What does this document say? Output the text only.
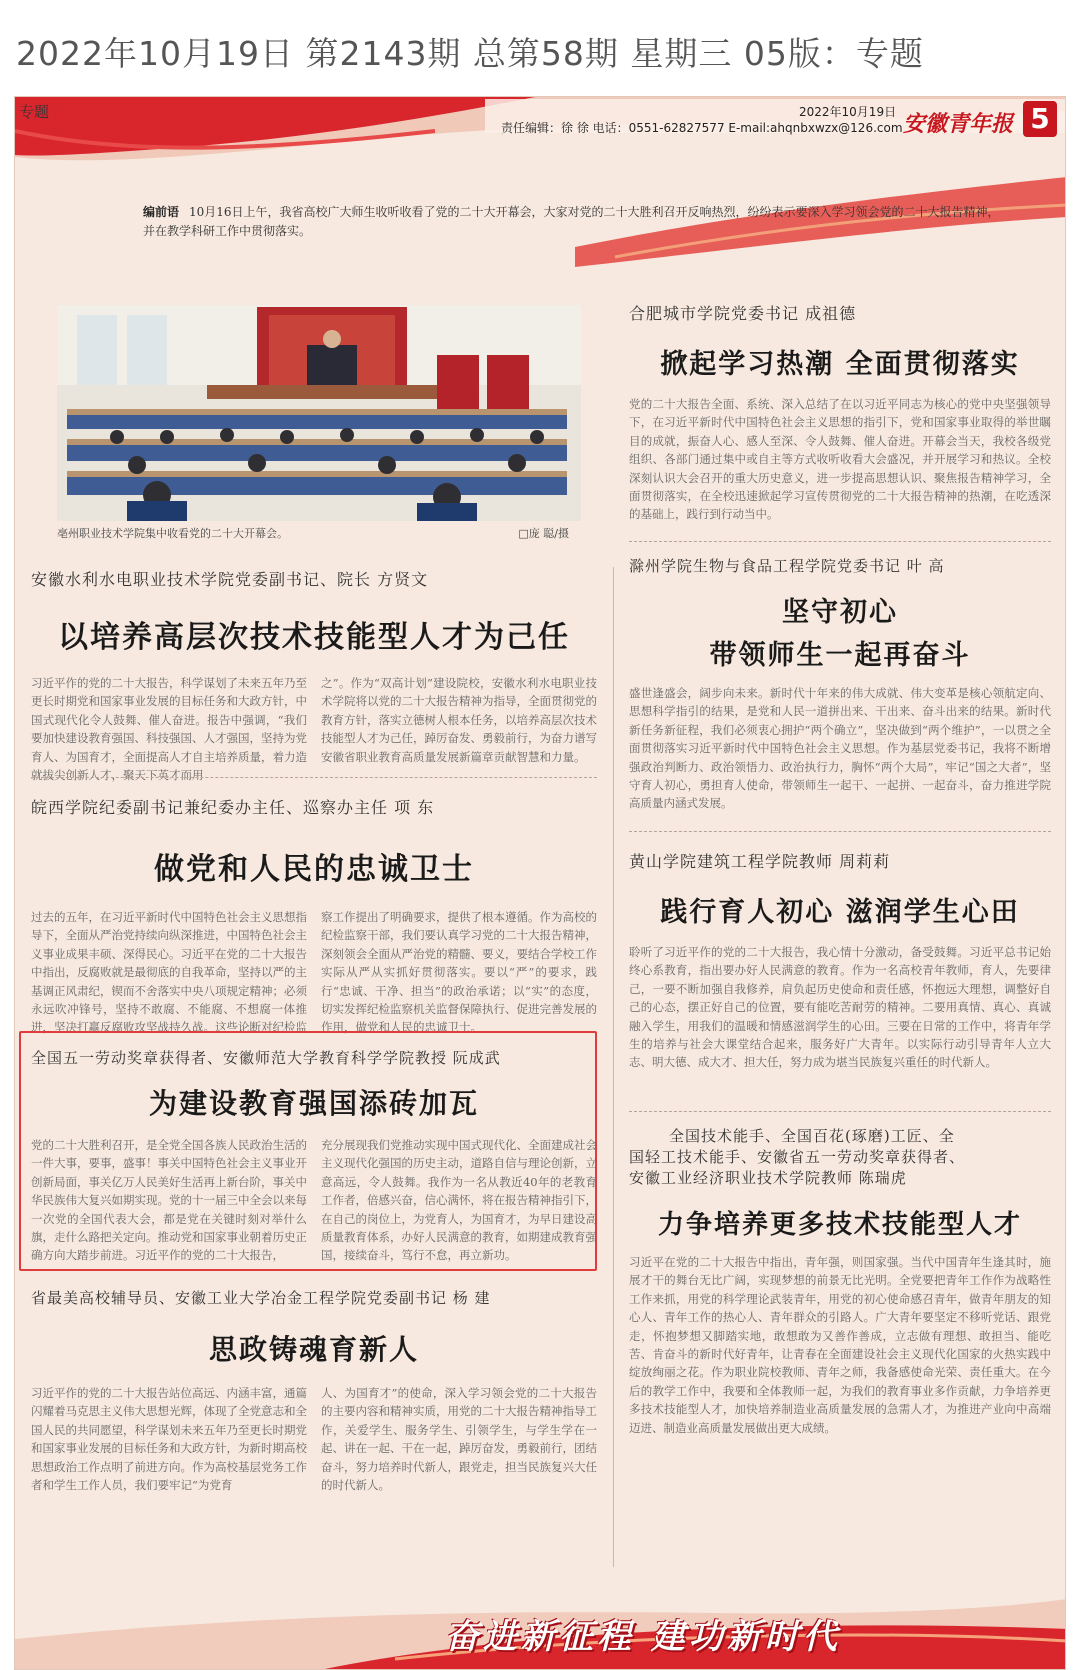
2022年10月19日 第2143期 总第58期 星期三 05版：专题
专题	2022年10月19日
责任编辑：徐 徐 电话：0551-62827577 E-mail:ahqnbxwzx@126.com 安徽青年报 5
编前语 10月16日上午，我省高校广大师生收听收看了党的二十大开幕会，大家对党的二十大胜利召开反响热烈，纷纷表示要深入学习领会党的二十大报告精神，并在教学科研工作中贯彻落实。
亳州职业技术学院集中收看党的二十大开幕会。	□庞 聪/摄
安徽水利水电职业技术学院党委副书记、院长 方贤文
以培养高层次技术技能型人才为己任
习近平作的党的二十大报告，科学谋划了未来五年乃至更长时期党和国家事业发展的目标任务和大政方针，中国式现代化令人鼓舞、催人奋进。报告中强调，“我们要加快建设教育强国、科技强国、人才强国，坚持为党育人、为国育才，全面提高人才自主培养质量，着力造就拔尖创新人才，聚天下英才而用
之”。作为“双高计划”建设院校，安徽水利水电职业技术学院将以党的二十大报告精神为指导，全面贯彻党的教育方针，落实立德树人根本任务，以培养高层次技术技能型人才为己任，踔厉奋发、勇毅前行，为奋力谱写安徽省职业教育高质量发展新篇章贡献智慧和力量。
皖西学院纪委副书记兼纪委办主任、巡察办主任 项 东
做党和人民的忠诚卫士
过去的五年，在习近平新时代中国特色社会主义思想指导下，全面从严治党持续向纵深推进，中国特色社会主义事业成果丰硕、深得民心。习近平在党的二十大报告中指出，反腐败就是最彻底的自我革命，坚持以严的主基调正风肃纪，锲而不舍落实中央八项规定精神；必须永远吹冲锋号，坚持不敢腐、不能腐、不想腐一体推进，坚决打赢反腐败攻坚战持久战。这些论断对纪检监
察工作提出了明确要求，提供了根本遵循。作为高校的纪检监察干部，我们要认真学习党的二十大报告精神，深刻领会全面从严治党的精髓、要义，要结合学校工作实际从严从实抓好贯彻落实。要以“严”的要求，践行“忠诚、干净、担当”的政治承诺；以“实”的态度，切实发挥纪检监察机关监督保障执行、促进完善发展的作用，做党和人民的忠诚卫士。
全国五一劳动奖章获得者、安徽师范大学教育科学学院教授 阮成武
为建设教育强国添砖加瓦
党的二十大胜利召开，是全党全国各族人民政治生活的一件大事，要事，盛事！事关中国特色社会主义事业开创新局面，事关亿万人民美好生活再上新台阶，事关中华民族伟大复兴如期实现。党的十一届三中全会以来每一次党的全国代表大会，都是党在关键时刻对举什么旗，走什么路把关定向。推动党和国家事业朝着历史正确方向大踏步前进。习近平作的党的二十大报告，
充分展现我们党推动实现中国式现代化、全面建成社会主义现代化强国的历史主动，道路自信与理论创新，立意高远，令人鼓舞。我作为一名从教近40年的老教育工作者，倍感兴奋，信心满怀，将在报告精神指引下，在自己的岗位上，为党育人，为国育才，为早日建设高质量教育体系，办好人民满意的教育，如期建成教育强国，接续奋斗，笃行不怠，再立新功。
省最美高校辅导员、安徽工业大学冶金工程学院党委副书记 杨 建
思政铸魂育新人
习近平作的党的二十大报告站位高远、内涵丰富，通篇闪耀着马克思主义伟大思想光辉，体现了全党意志和全国人民的共同愿望，科学谋划未来五年乃至更长时期党和国家事业发展的目标任务和大政方针，为新时期高校思想政治工作点明了前进方向。作为高校基层党务工作者和学生工作人员，我们要牢记“为党育
人、为国育才”的使命，深入学习领会党的二十大报告的主要内容和精神实质，用党的二十大报告精神指导工作，关爱学生、服务学生、引领学生，与学生学在一起、讲在一起、干在一起，踔厉奋发，勇毅前行，团结奋斗，努力培养时代新人，跟党走，担当民族复兴大任的时代新人。
合肥城市学院党委书记 成祖德
掀起学习热潮 全面贯彻落实
党的二十大报告全面、系统、深入总结了在以习近平同志为核心的党中央坚强领导下，在习近平新时代中国特色社会主义思想的指引下，党和国家事业取得的举世瞩目的成就，振奋人心、感人至深、令人鼓舞、催人奋进。开幕会当天，我校各级党组织、各部门通过集中或自主等方式收听收看大会盛况，并开展学习和热议。全校深刻认识大会召开的重大历史意义，进一步提高思想认识、聚焦报告精神学习，全面贯彻落实，在全校迅速掀起学习宣传贯彻党的二十大报告精神的热潮，在吃透深的基础上，践行到行动当中。
滁州学院生物与食品工程学院党委书记 叶 高
坚守初心
带领师生一起再奋斗
盛世逢盛会，阔步向未来。新时代十年来的伟大成就、伟大变革是核心领航定向、思想科学指引的结果，是党和人民一道拼出来、干出来、奋斗出来的结果。新时代新任务新征程，我们必须衷心拥护“两个确立”，坚决做到“两个维护”，一以贯之全面贯彻落实习近平新时代中国特色社会主义思想。作为基层党委书记，我将不断增强政治判断力、政治领悟力、政治执行力，胸怀“两个大局”，牢记“国之大者”，坚守育人初心，勇担育人使命，带领师生一起干、一起拼、一起奋斗，奋力推进学院高质量内涵式发展。
黄山学院建筑工程学院教师 周莉莉
践行育人初心 滋润学生心田
聆听了习近平作的党的二十大报告，我心情十分激动，备受鼓舞。习近平总书记始终心系教育，指出要办好人民满意的教育。作为一名高校青年教师，育人，先要律己，一要不断加强自我修养，肩负起历史使命和责任感，怀抱远大理想，调整好自己的心态，摆正好自己的位置，要有能吃苦耐劳的精神。二要用真情、真心、真诚融入学生，用我们的温暖和情感滋润学生的心田。三要在日常的工作中，将青年学生的培养与社会大课堂结合起来，服务好广大青年。以实际行动引导青年人立大志、明大德、成大才、担大任，努力成为堪当民族复兴重任的时代新人。
全国技术能手、全国百花(琢磨)工匠、全
国轻工技术能手、安徽省五一劳动奖章获得者、
安徽工业经济职业技术学院教师 陈瑞虎
力争培养更多技术技能型人才
习近平在党的二十大报告中指出，青年强，则国家强。当代中国青年生逢其时，施展才干的舞台无比广阔，实现梦想的前景无比光明。全党要把青年工作作为战略性工作来抓，用党的科学理论武装青年，用党的初心使命感召青年，做青年朋友的知心人、青年工作的热心人、青年群众的引路人。广大青年要坚定不移听党话、跟党走，怀抱梦想又脚踏实地，敢想敢为又善作善成，立志做有理想、敢担当、能吃苦、肯奋斗的新时代好青年，让青春在全面建设社会主义现代化国家的火热实践中绽放绚丽之花。作为职业院校教师、青年之师，我备感使命光荣、责任重大。在今后的教学工作中，我要和全体教师一起，为我们的教育事业多作贡献，力争培养更多技术技能型人才，加快培养制造业高质量发展的急需人才，为推进产业向中高端迈进、制造业高质量发展做出更大成绩。
奋进新征程 建功新时代
